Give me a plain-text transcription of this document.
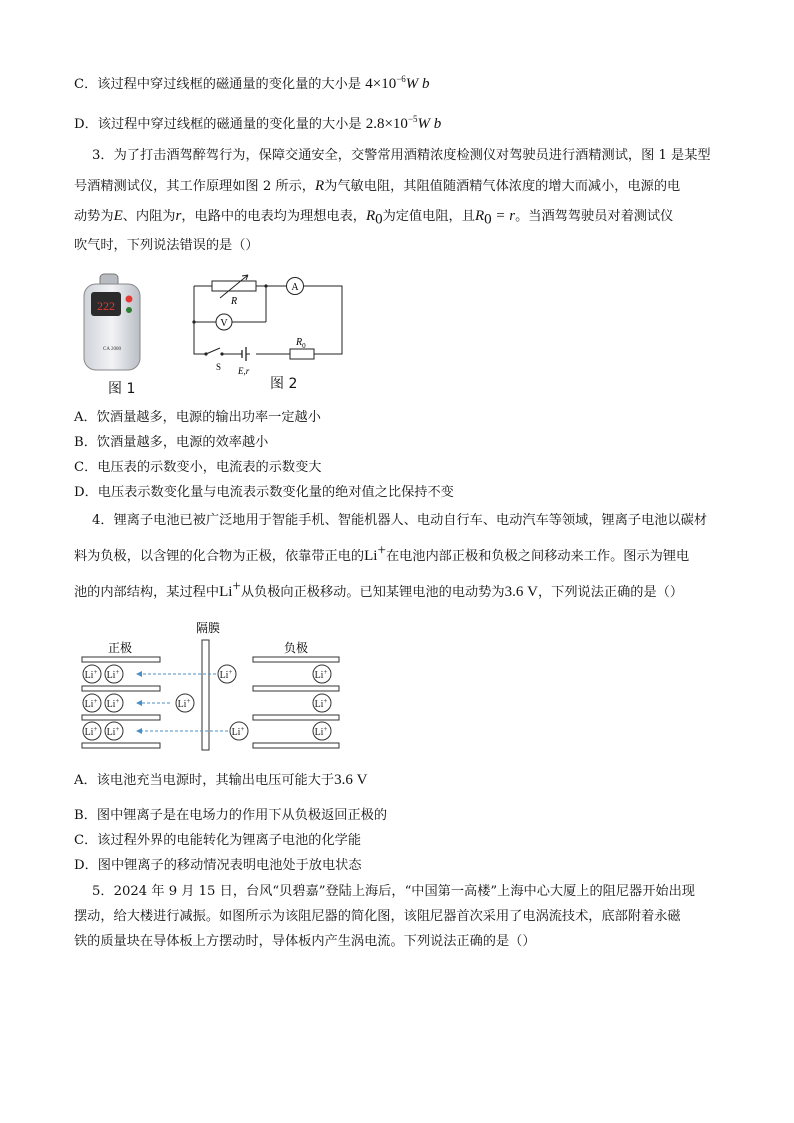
C．该过程中穿过线框的磁通量的变化量的大小是 $4\times 10^{-6}W$ b
D．该过程中穿过线框的磁通量的变化量的大小是 $2.8\times 10^{-5}W$ b
3．为了打击酒驾醉驾行为，保障交通安全，交警常用酒精浓度检测仪对驾驶员进行酒精测试，图 1 是某型
号酒精测试仪，其工作原理如图 2 所示，R为气敏电阻，其阻值随酒精气体浓度的增大而减小，电源的电
动势为E、内阻为r，电路中的电表均为理想电表，$R_0$为定值电阻，且$R_0 = r$。当酒驾驾驶员对着测试仪
吹气时，下列说法错误的是（）
222
CA 2000
图 1
R
A
V
S E,r
$R_0$
图 2
A．饮酒量越多，电源的输出功率一定越小
B．饮酒量越多，电源的效率越小
C．电压表的示数变小，电流表的示数变大
D．电压表示数变化量与电流表示数变化量的绝对值之比保持不变
4．锂离子电池已被广泛地用于智能手机、智能机器人、电动自行车、电动汽车等领域，锂离子电池以碳材
料为负极，以含锂的化合物为正极，依靠带正电的Li+在电池内部正极和负极之间移动来工作。图示为锂电
池的内部结构，某过程中Li+从负极向正极移动。已知某锂电池的电动势为3.6 V，下列说法正确的是（）
隔膜
正极	负极
Li+ Li+
Li+ Li+
Li+ Li+
Li+
Li+
Li+
Li+
Li+
Li+
A．该电池充当电源时，其输出电压可能大于3.6 V
B．图中锂离子是在电场力的作用下从负极返回正极的
C．该过程外界的电能转化为锂离子电池的化学能
D．图中锂离子的移动情况表明电池处于放电状态
5．2024 年 9 月 15 日，台风“贝碧嘉”登陆上海后，“中国第一高楼”上海中心大厦上的阻尼器开始出现
摆动，给大楼进行减振。如图所示为该阻尼器的简化图，该阻尼器首次采用了电涡流技术，底部附着永磁
铁的质量块在导体板上方摆动时，导体板内产生涡电流。下列说法正确的是（）
